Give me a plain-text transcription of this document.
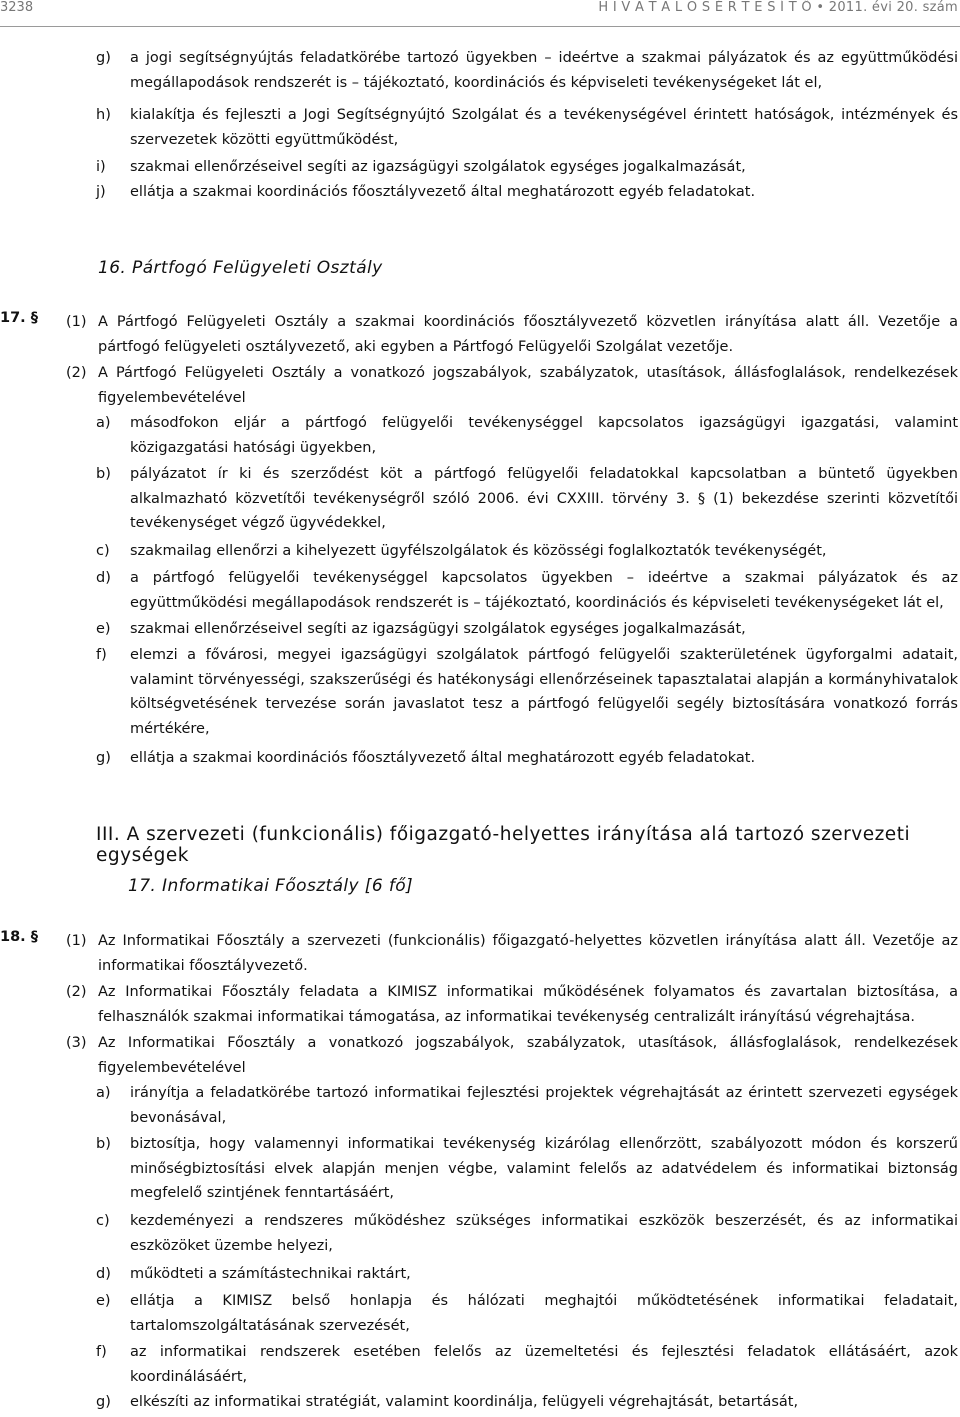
3238	H I V A T A L O S É R T E S Í T Ő • 2011. évi 20. szám
g)	a jogi segítségnyújtás feladatkörébe tartozó ügyekben – ideértve a szakmai pályázatok és az együttműködési megállapodások rendszerét is – tájékoztató, koordinációs és képviseleti tevékenységeket lát el,
h)	kialakítja és fejleszti a Jogi Segítségnyújtó Szolgálat és a tevékenységével érintett hatóságok, intézmények és szervezetek közötti együttműködést,
i)	szakmai ellenőrzéseivel segíti az igazságügyi szolgálatok egységes jogalkalmazását,
j)	ellátja a szakmai koordinációs főosztályvezető által meghatározott egyéb feladatokat.
16. Pártfogó Felügyeleti Osztály
17. § (1) A Pártfogó Felügyeleti Osztály a szakmai koordinációs főosztályvezető közvetlen irányítása alatt áll. Vezetője a pártfogó felügyeleti osztályvezető, aki egyben a Pártfogó Felügyelői Szolgálat vezetője.
(2) A Pártfogó Felügyeleti Osztály a vonatkozó jogszabályok, szabályzatok, utasítások, állásfoglalások, rendelkezések figyelembevételével
a)	másodfokon eljár a pártfogó felügyelői tevékenységgel kapcsolatos igazságügyi igazgatási, valamint közigazgatási hatósági ügyekben,
b)	pályázatot ír ki és szerződést köt a pártfogó felügyelői feladatokkal kapcsolatban a büntető ügyekben alkalmazható közvetítői tevékenységről szóló 2006. évi CXXIII. törvény 3. § (1) bekezdése szerinti közvetítői tevékenységet végző ügyvédekkel,
c)	szakmailag ellenőrzi a kihelyezett ügyfélszolgálatok és közösségi foglalkoztatók tevékenységét,
d)	a pártfogó felügyelői tevékenységgel kapcsolatos ügyekben – ideértve a szakmai pályázatok és az együttműködési megállapodások rendszerét is – tájékoztató, koordinációs és képviseleti tevékenységeket lát el,
e)	szakmai ellenőrzéseivel segíti az igazságügyi szolgálatok egységes jogalkalmazását,
f)	elemzi a fővárosi, megyei igazságügyi szolgálatok pártfogó felügyelői szakterületének ügyforgalmi adatait, valamint törvényességi, szakszerűségi és hatékonysági ellenőrzéseinek tapasztalatai alapján a kormányhivatalok költségvetésének tervezése során javaslatot tesz a pártfogó felügyelői segély biztosítására vonatkozó forrás mértékére,
g)	ellátja a szakmai koordinációs főosztályvezető által meghatározott egyéb feladatokat.
III. A szervezeti (funkcionális) főigazgató-helyettes irányítása alá tartozó szervezeti egységek
17. Informatikai Főosztály [6 fő]
18. § (1) Az Informatikai Főosztály a szervezeti (funkcionális) főigazgató-helyettes közvetlen irányítása alatt áll. Vezetője az informatikai főosztályvezető.
(2) Az Informatikai Főosztály feladata a KIMISZ informatikai működésének folyamatos és zavartalan biztosítása, a felhasználók szakmai informatikai támogatása, az informatikai tevékenység centralizált irányítású végrehajtása.
(3) Az Informatikai Főosztály a vonatkozó jogszabályok, szabályzatok, utasítások, állásfoglalások, rendelkezések figyelembevételével
a)	irányítja a feladatkörébe tartozó informatikai fejlesztési projektek végrehajtását az érintett szervezeti egységek bevonásával,
b)	biztosítja, hogy valamennyi informatikai tevékenység kizárólag ellenőrzött, szabályozott módon és korszerű minőségbiztosítási elvek alapján menjen végbe, valamint felelős az adatvédelem és informatikai biztonság megfelelő szintjének fenntartásáért,
c)	kezdeményezi a rendszeres működéshez szükséges informatikai eszközök beszerzését, és az informatikai eszközöket üzembe helyezi,
d)	működteti a számítástechnikai raktárt,
e)	ellátja a KIMISZ belső honlapja és hálózati meghajtói működtetésének informatikai feladatait, tartalomszolgáltatásának szervezését,
f)	az informatikai rendszerek esetében felelős az üzemeltetési és fejlesztési feladatok ellátásáért, azok koordinálásáért,
g)	elkészíti az informatikai stratégiát, valamint koordinálja, felügyeli végrehajtását, betartását,
